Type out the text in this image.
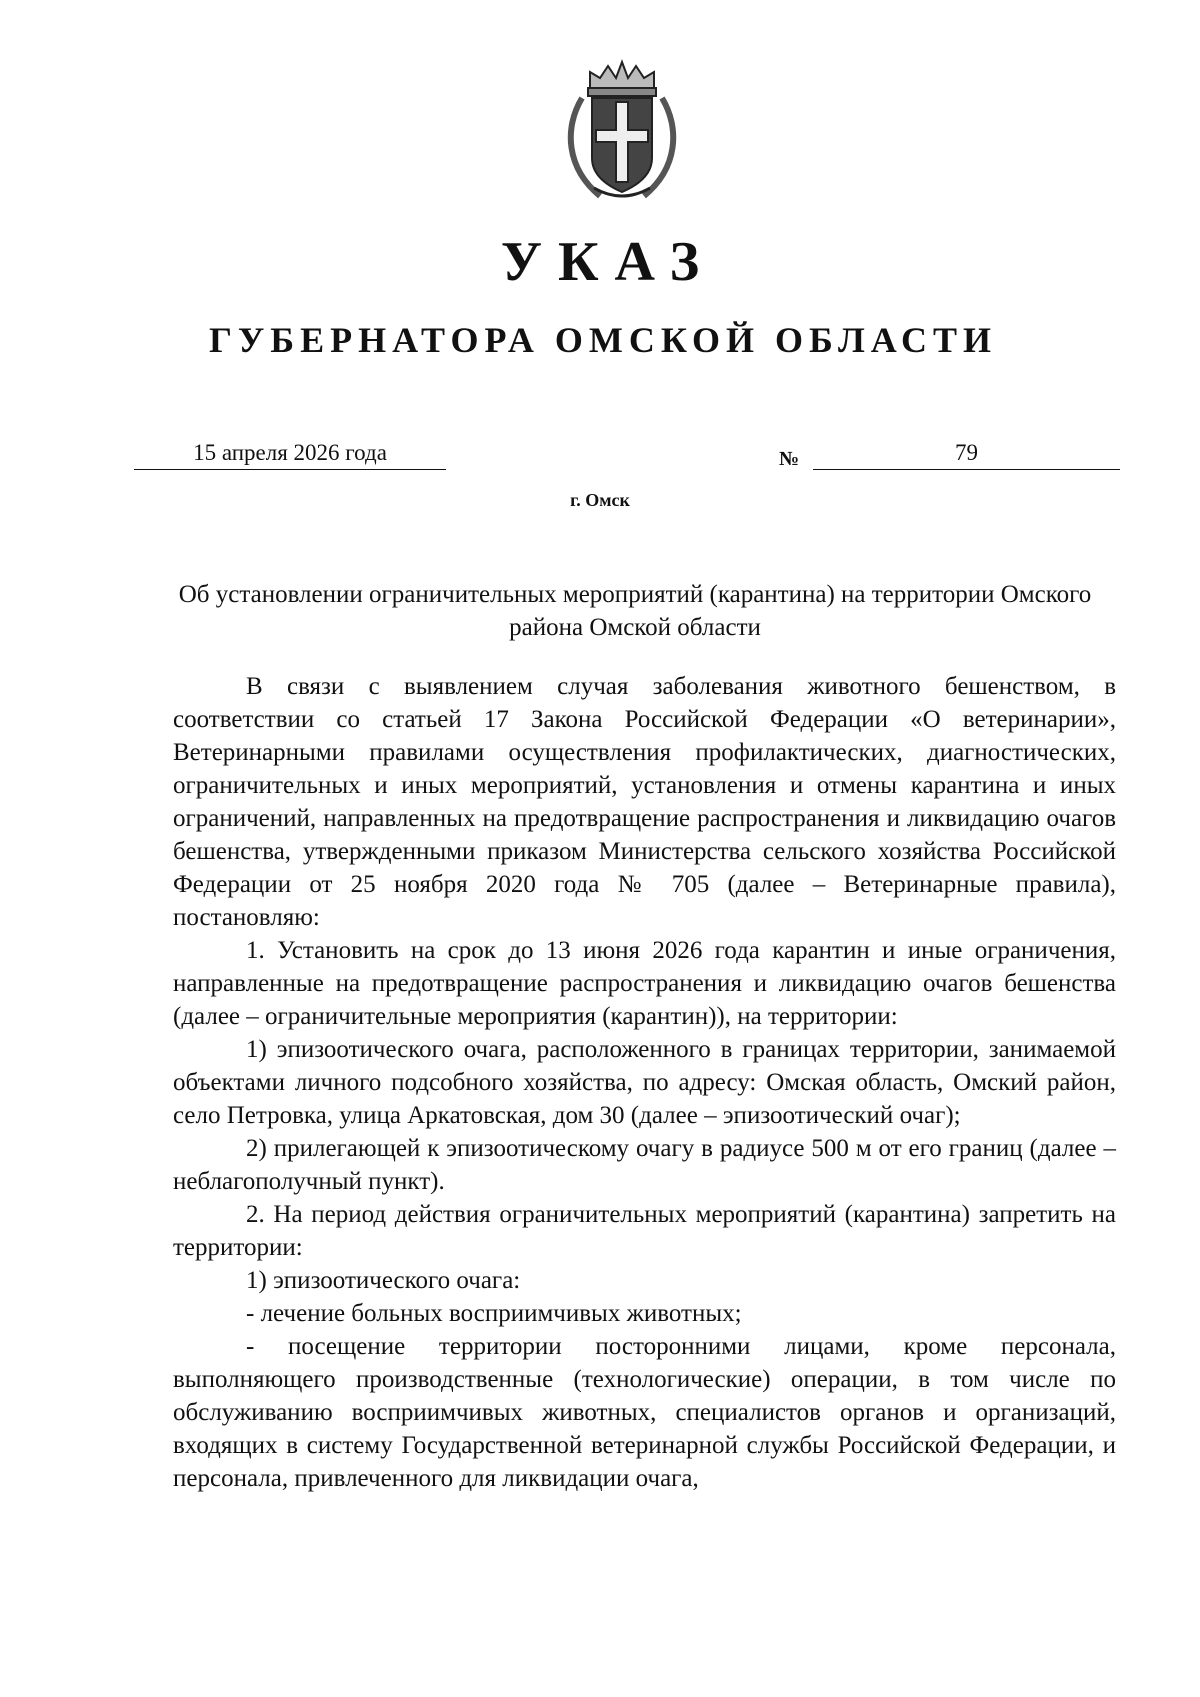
УКАЗ
ГУБЕРНАТОРА ОМСКОЙ ОБЛАСТИ
15 апреля 2026 года	№	79
г. Омск
Об установлении ограничительных мероприятий (карантина) на территории Омского района Омской области

В связи с выявлением случая заболевания животного бешенством, в соответствии со статьей 17 Закона Российской Федерации «О ветеринарии», Ветеринарными правилами осуществления профилактических, диагностических, ограничительных и иных мероприятий, установления и отмены карантина и иных ограничений, направленных на предотвращение распространения и ликвидацию очагов бешенства, утвержденными приказом Министерства сельского хозяйства Российской Федерации от 25 ноября 2020 года № 705 (далее – Ветеринарные правила), постановляю:

1. Установить на срок до 13 июня 2026 года карантин и иные ограничения, направленные на предотвращение распространения и ликвидацию очагов бешенства (далее – ограничительные мероприятия (карантин)), на территории:

1) эпизоотического очага, расположенного в границах территории, занимаемой объектами личного подсобного хозяйства, по адресу: Омская область, Омский район, село Петровка, улица Аркатовская, дом 30 (далее – эпизоотический очаг);

2) прилегающей к эпизоотическому очагу в радиусе 500 м от его границ (далее – неблагополучный пункт).

2. На период действия ограничительных мероприятий (карантина) запретить на территории:

1) эпизоотического очага:

- лечение больных восприимчивых животных;

- посещение территории посторонними лицами, кроме персонала, выполняющего производственные (технологические) операции, в том числе по обслуживанию восприимчивых животных, специалистов органов и организаций, входящих в систему Государственной ветеринарной службы Российской Федерации, и персонала, привлеченного для ликвидации очага,
